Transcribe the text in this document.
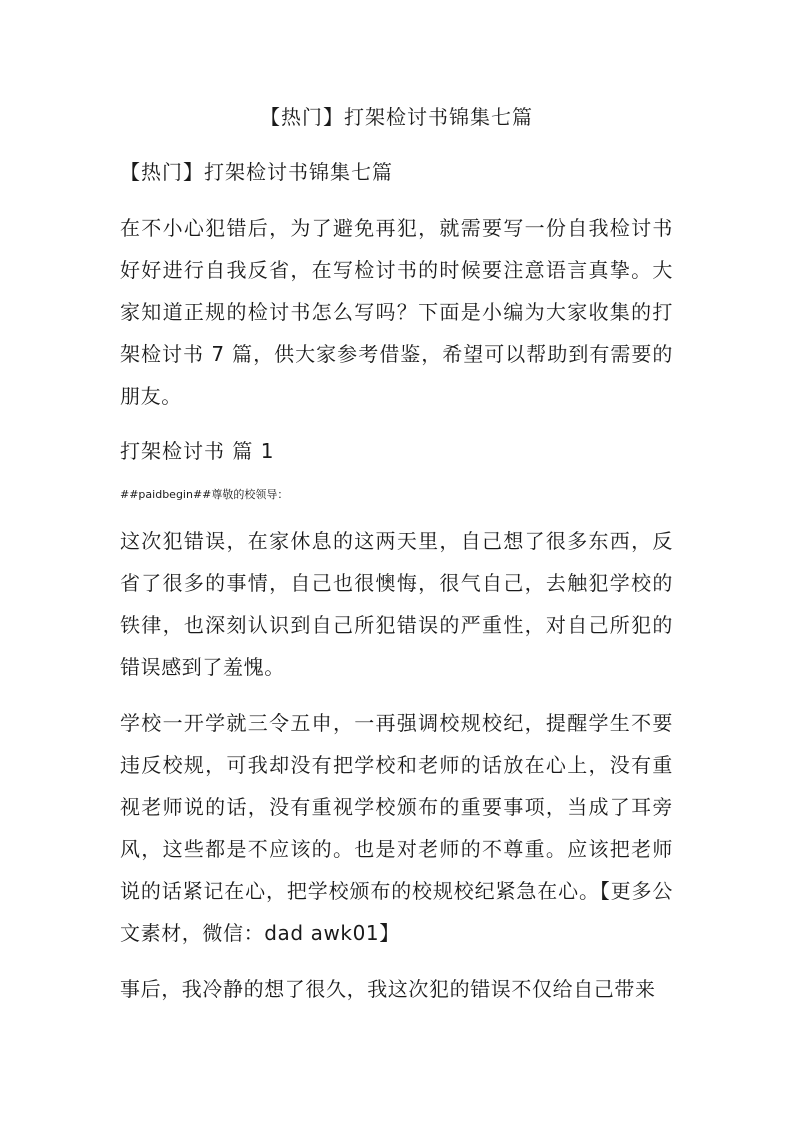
【热门】打架检讨书锦集七篇
【热门】打架检讨书锦集七篇

在不小心犯错后，为了避免再犯，就需要写一份自我检讨书好好进行自我反省，在写检讨书的时候要注意语言真挚。大家知道正规的检讨书怎么写吗？下面是小编为大家收集的打架检讨书 7 篇，供大家参考借鉴，希望可以帮助到有需要的朋友。

打架检讨书 篇 1
##paidbegin##尊敬的校领导：

这次犯错误，在家休息的这两天里，自己想了很多东西，反省了很多的事情，自己也很懊悔，很气自己，去触犯学校的铁律，也深刻认识到自己所犯错误的严重性，对自己所犯的错误感到了羞愧。

学校一开学就三令五申，一再强调校规校纪，提醒学生不要违反校规，可我却没有把学校和老师的话放在心上，没有重视老师说的话，没有重视学校颁布的重要事项，当成了耳旁风，这些都是不应该的。也是对老师的不尊重。应该把老师说的话紧记在心，把学校颁布的校规校纪紧急在心。【更多公文素材，微信：dad awk01】

事后，我冷静的想了很久，我这次犯的错误不仅给自己带来
